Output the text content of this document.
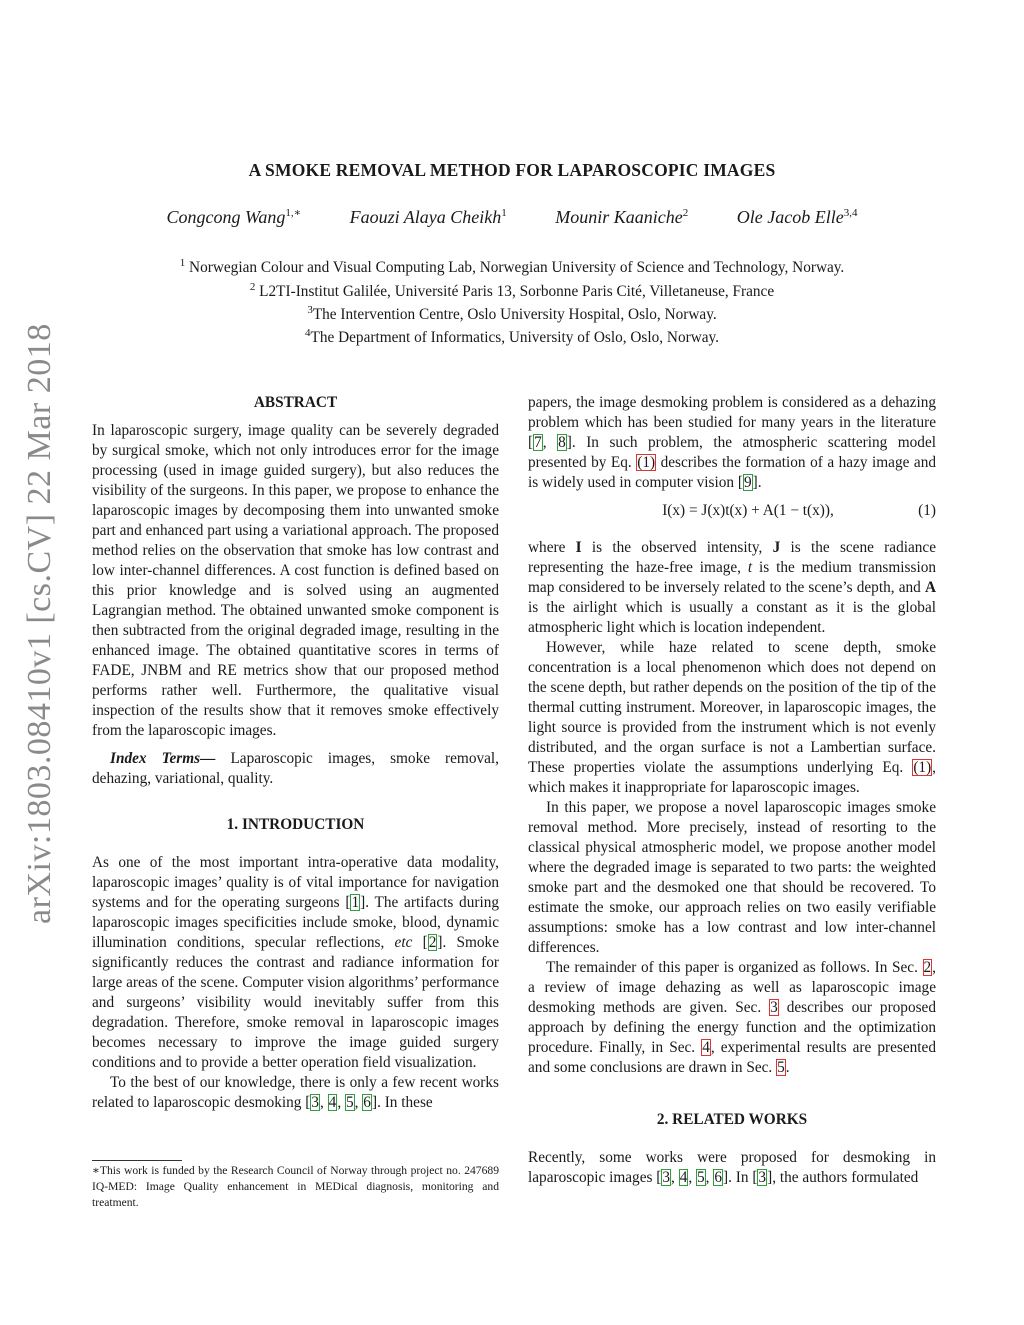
arXiv:1803.08410v1 [cs.CV] 22 Mar 2018
A SMOKE REMOVAL METHOD FOR LAPAROSCOPIC IMAGES
Congcong Wang$^{1,∗}$	Faouzi Alaya Cheikh$^1$	Mounir Kaaniche$^2$	Ole Jacob Elle$^{3,4}$
$^1$ Norwegian Colour and Visual Computing Lab, Norwegian University of Science and Technology, Norway.
$^2$ L2TI-Institut Galilée, Université Paris 13, Sorbonne Paris Cité, Villetaneuse, France
$^3$The Intervention Centre, Oslo University Hospital, Oslo, Norway.
$^4$The Department of Informatics, University of Oslo, Oslo, Norway.

ABSTRACT

In laparoscopic surgery, image quality can be severely degraded by surgical smoke, which not only introduces error for the image processing (used in image guided surgery), but also reduces the visibility of the surgeons. In this paper, we propose to enhance the laparoscopic images by decomposing them into unwanted smoke part and enhanced part using a variational approach. The proposed method relies on the observation that smoke has low contrast and low inter-channel differences. A cost function is defined based on this prior knowledge and is solved using an augmented Lagrangian method. The obtained unwanted smoke component is then subtracted from the original degraded image, resulting in the enhanced image. The obtained quantitative scores in terms of FADE, JNBM and RE metrics show that our proposed method performs rather well. Furthermore, the qualitative visual inspection of the results show that it removes smoke effectively from the laparoscopic images.

Index Terms— Laparoscopic images, smoke removal, dehazing, variational, quality.

1. INTRODUCTION

As one of the most important intra-operative data modality, laparoscopic images’ quality is of vital importance for navigation systems and for the operating surgeons [1]. The artifacts during laparoscopic images specificities include smoke, blood, dynamic illumination conditions, specular reflections, etc [2]. Smoke significantly reduces the contrast and radiance information for large areas of the scene. Computer vision algorithms’ performance and surgeons’ visibility would inevitably suffer from this degradation. Therefore, smoke removal in laparoscopic images becomes necessary to improve the image guided surgery conditions and to provide a better operation field visualization.

To the best of our knowledge, there is only a few recent works related to laparoscopic desmoking [3, 4, 5, 6]. In these

∗This work is funded by the Research Council of Norway through project no. 247689 IQ-MED: Image Quality enhancement in MEDical diagnosis, monitoring and treatment.

papers, the image desmoking problem is considered as a dehazing problem which has been studied for many years in the literature [7, 8]. In such problem, the atmospheric scattering model presented by Eq. (1) describes the formation of a hazy image and is widely used in computer vision [9].

I(x) = J(x)t(x) + A(1 − t(x)),	(1)

where I is the observed intensity, J is the scene radiance representing the haze-free image, t is the medium transmission map considered to be inversely related to the scene’s depth, and A is the airlight which is usually a constant as it is the global atmospheric light which is location independent.

However, while haze related to scene depth, smoke concentration is a local phenomenon which does not depend on the scene depth, but rather depends on the position of the tip of the thermal cutting instrument. Moreover, in laparoscopic images, the light source is provided from the instrument which is not evenly distributed, and the organ surface is not a Lambertian surface. These properties violate the assumptions underlying Eq. (1), which makes it inappropriate for laparoscopic images.

In this paper, we propose a novel laparoscopic images smoke removal method. More precisely, instead of resorting to the classical physical atmospheric model, we propose another model where the degraded image is separated to two parts: the weighted smoke part and the desmoked one that should be recovered. To estimate the smoke, our approach relies on two easily verifiable assumptions: smoke has a low contrast and low inter-channel differences.

The remainder of this paper is organized as follows. In Sec. 2, a review of image dehazing as well as laparoscopic image desmoking methods are given. Sec. 3 describes our proposed approach by defining the energy function and the optimization procedure. Finally, in Sec. 4, experimental results are presented and some conclusions are drawn in Sec. 5.

2. RELATED WORKS

Recently, some works were proposed for desmoking in laparoscopic images [3, 4, 5, 6]. In [3], the authors formulated
